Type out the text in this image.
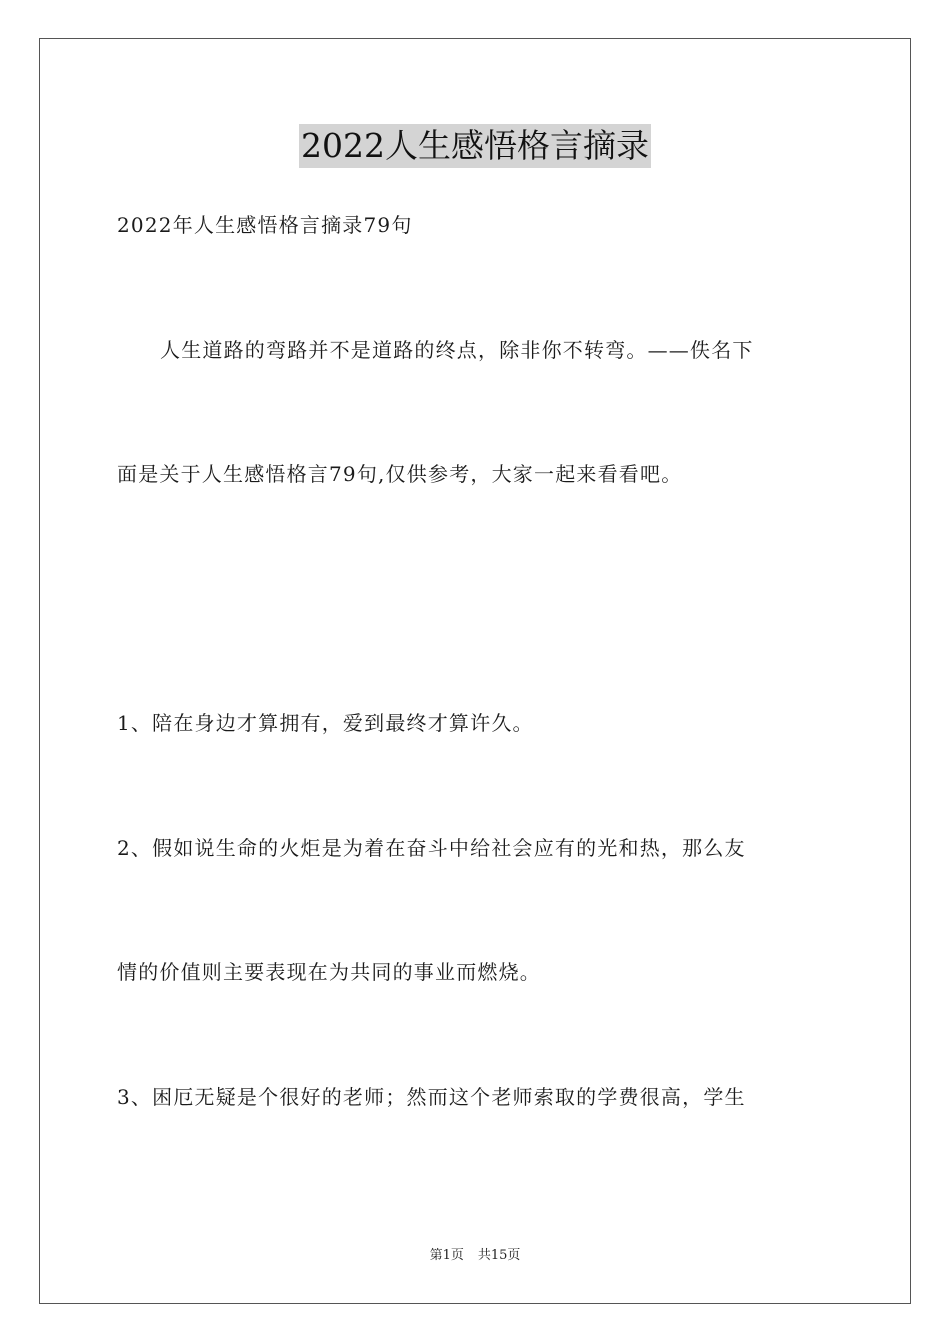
2022人生感悟格言摘录
2022年人生感悟格言摘录79句
人生道路的弯路并不是道路的终点，除非你不转弯。——佚名下
面是关于人生感悟格言79句,仅供参考，大家一起来看看吧。
1、陪在身边才算拥有，爱到最终才算许久。
2、假如说生命的火炬是为着在奋斗中给社会应有的光和热，那么友
情的价值则主要表现在为共同的事业而燃烧。
3、困厄无疑是个很好的老师；然而这个老师索取的学费很高，学生
第1页 共15页
